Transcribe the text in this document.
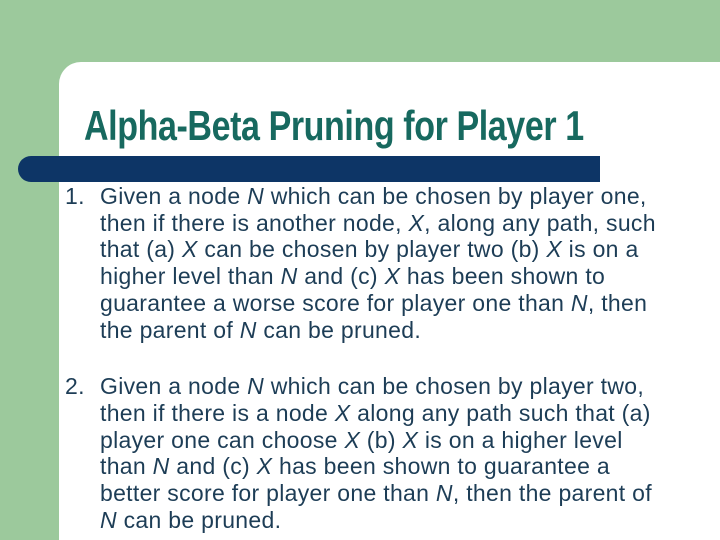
Alpha-Beta Pruning for Player 1
1. Given a node N which can be chosen by player one,
then if there is another node, X, along any path, such
that (a) X can be chosen by player two (b) X is on a
higher level than N and (c) X has been shown to
guarantee a worse score for player one than N, then
the parent of N can be pruned.
2. Given a node N which can be chosen by player two,
then if there is a node X along any path such that (a)
player one can choose X (b) X is on a higher level
than N and (c) X has been shown to guarantee a
better score for player one than N, then the parent of
N can be pruned.
